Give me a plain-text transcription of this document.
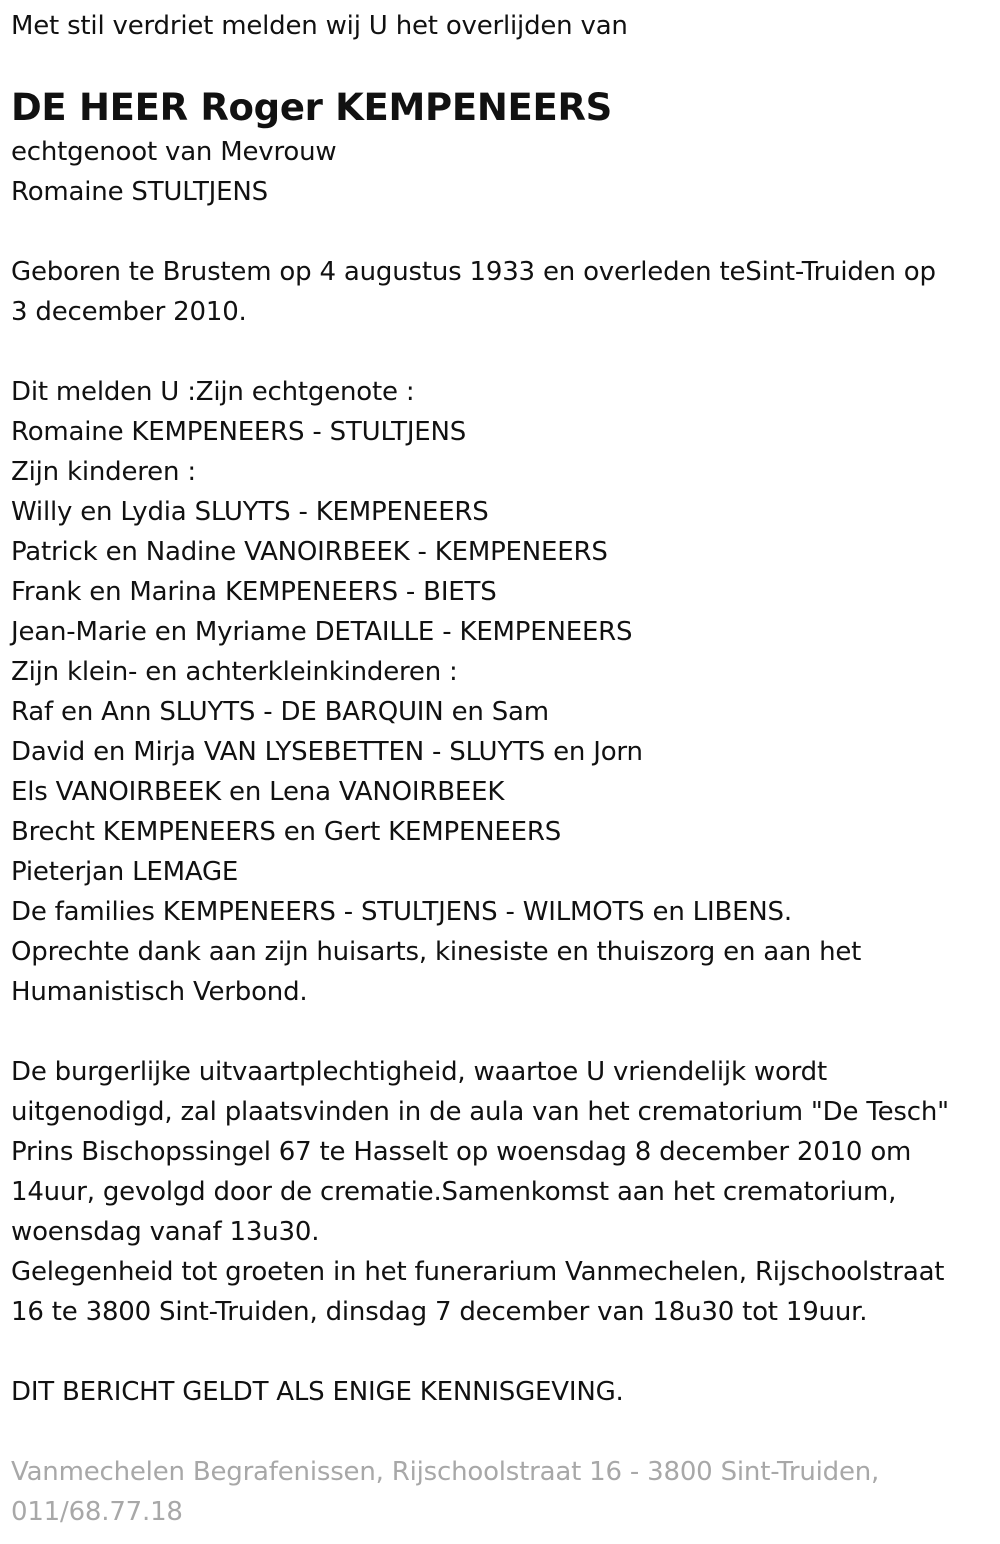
Met stil verdriet melden wij U het overlijden van

DE HEER Roger KEMPENEERS
echtgenoot van Mevrouw
Romaine STULTJENS
Geboren te Brustem op 4 augustus 1933 en overleden teSint-Truiden op
3 december 2010.
Dit melden U :Zijn echtgenote :
Romaine KEMPENEERS - STULTJENS
Zijn kinderen :
Willy en Lydia SLUYTS - KEMPENEERS
Patrick en Nadine VANOIRBEEK - KEMPENEERS
Frank en Marina KEMPENEERS - BIETS
Jean-Marie en Myriame DETAILLE - KEMPENEERS
Zijn klein- en achterkleinkinderen :
Raf en Ann SLUYTS - DE BARQUIN en Sam
David en Mirja VAN LYSEBETTEN - SLUYTS en Jorn
Els VANOIRBEEK en Lena VANOIRBEEK
Brecht KEMPENEERS en Gert KEMPENEERS
Pieterjan LEMAGE
De families KEMPENEERS - STULTJENS - WILMOTS en LIBENS.
Oprechte dank aan zijn huisarts, kinesiste en thuiszorg en aan het
Humanistisch Verbond.
De burgerlijke uitvaartplechtigheid, waartoe U vriendelijk wordt
uitgenodigd, zal plaatsvinden in de aula van het crematorium "De Tesch"
Prins Bischopssingel 67 te Hasselt op woensdag 8 december 2010 om
14uur, gevolgd door de crematie.Samenkomst aan het crematorium,
woensdag vanaf 13u30.
Gelegenheid tot groeten in het funerarium Vanmechelen, Rijschoolstraat
16 te 3800 Sint-Truiden, dinsdag 7 december van 18u30 tot 19uur.
DIT BERICHT GELDT ALS ENIGE KENNISGEVING.
Vanmechelen Begrafenissen, Rijschoolstraat 16 - 3800 Sint-Truiden,
011/68.77.18
